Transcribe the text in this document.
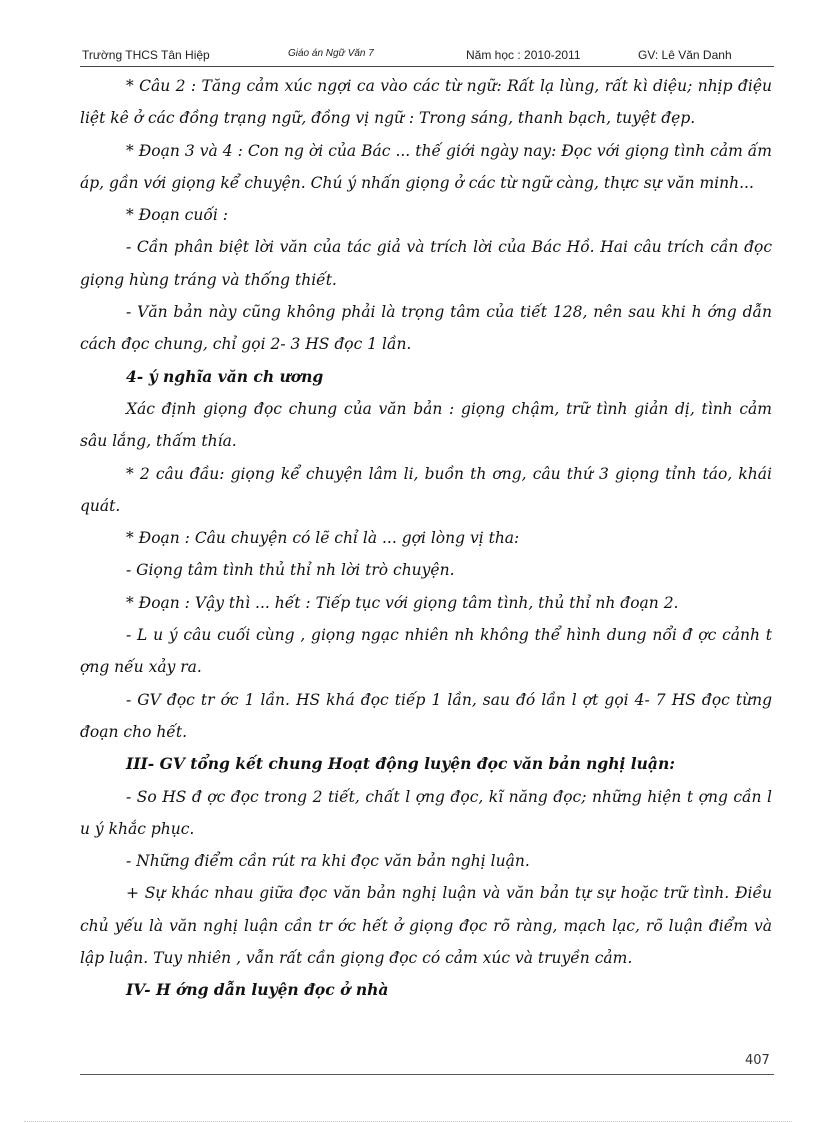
Trường THCS Tân Hiệp	Giáo án Ngữ Văn 7	Năm học : 2010-2011	GV: Lê Văn Danh

* Câu 2 : Tăng cảm xúc ngợi ca vào các từ ngữ: Rất lạ lùng, rất kì diệu; nhịp điệu liệt kê ở các đồng trạng ngữ, đồng vị ngữ : Trong sáng, thanh bạch, tuyệt đẹp.

* Đoạn 3 và 4 : Con ng ời của Bác ... thế giới ngày nay: Đọc với giọng tình cảm ấm áp, gần với giọng kể chuyện. Chú ý nhấn giọng ở các từ ngữ càng, thực sự văn minh...

* Đoạn cuối :

- Cần phân biệt lời văn của tác giả và trích lời của Bác Hồ. Hai câu trích cần đọc giọng hùng tráng và thống thiết.

- Văn bản này cũng không phải là trọng tâm của tiết 128, nên sau khi h ớng dẫn cách đọc chung, chỉ gọi 2- 3 HS đọc 1 lần.

4- ý nghĩa văn ch ương

Xác định giọng đọc chung của văn bản : giọng chậm, trữ tình giản dị, tình cảm sâu lắng, thấm thía.

* 2 câu đầu: giọng kể chuyện lâm li, buồn th ơng, câu thứ 3 giọng tỉnh táo, khái quát.

* Đoạn : Câu chuyện có lẽ chỉ là ... gợi lòng vị tha:

- Giọng tâm tình thủ thỉ nh lời trò chuyện.

* Đoạn : Vậy thì ... hết : Tiếp tục với giọng tâm tình, thủ thỉ nh đoạn 2.

- L u ý câu cuối cùng , giọng ngạc nhiên nh không thể hình dung nổi đ ợc cảnh t ợng nếu xảy ra.

- GV đọc tr ớc 1 lần. HS khá đọc tiếp 1 lần, sau đó lần l ợt gọi 4- 7 HS đọc từng đoạn cho hết.

III- GV tổng kết chung Hoạt động luyện đọc văn bản nghị luận:

- So HS đ ợc đọc trong 2 tiết, chất l ợng đọc, kĩ năng đọc; những hiện t ợng cần l u ý khắc phục.

- Những điểm cần rút ra khi đọc văn bản nghị luận.

+ Sự khác nhau giữa đọc văn bản nghị luận và văn bản tự sự hoặc trữ tình. Điều chủ yếu là văn nghị luận cần tr ớc hết ở giọng đọc rõ ràng, mạch lạc, rõ luận điểm và lập luận. Tuy nhiên , vẫn rất cần giọng đọc có cảm xúc và truyền cảm.

IV- H ớng dẫn luyện đọc ở nhà

407
